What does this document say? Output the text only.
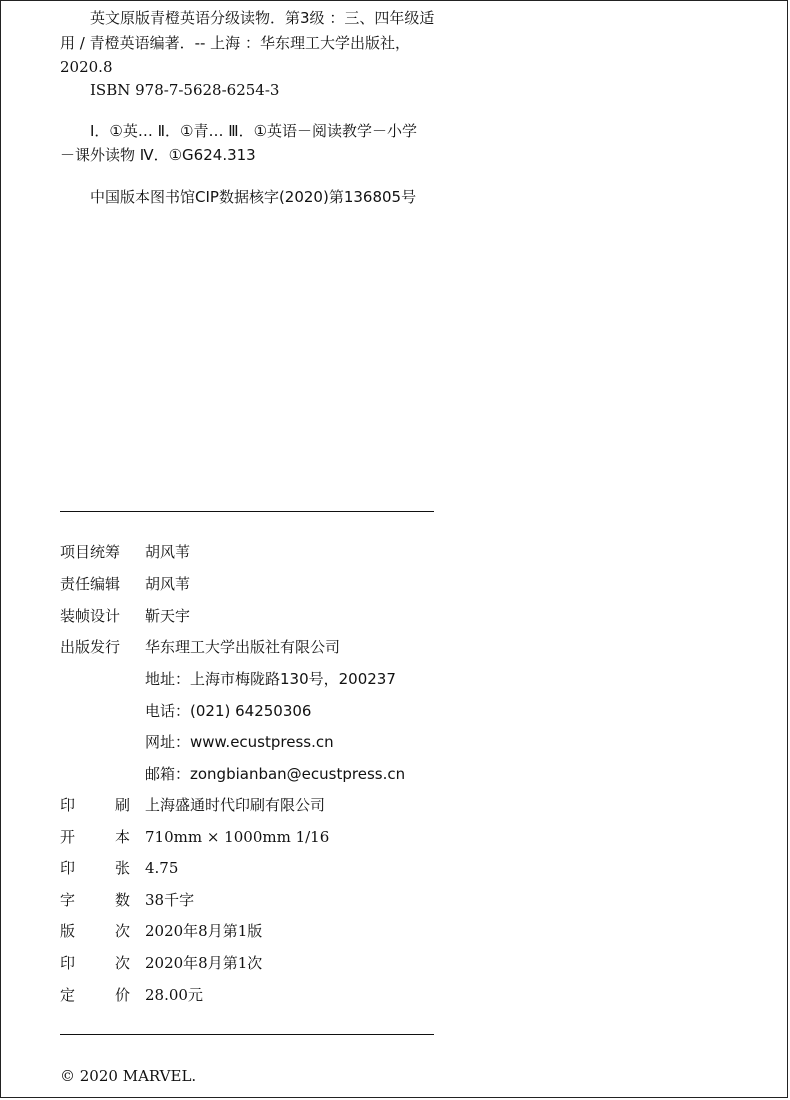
英文原版青橙英语分级读物．第3级 ：三、四年级适
用 / 青橙英语编著．-- 上海 ：华东理工大学出版社，
2020.8
ISBN 978-7-5628-6254-3
Ⅰ．①英… Ⅱ．①青… Ⅲ．①英语－阅读教学－小学
－课外读物 Ⅳ．①G624.313
中国版本图书馆CIP数据核字(2020)第136805号
项目统筹	胡风苇
责任编辑	胡风苇
装帧设计	靳天宇
出版发行	华东理工大学出版社有限公司
地址：上海市梅陇路130号，200237
电话：(021) 64250306
网址：www.ecustpress.cn
邮箱：zongbianban@ecustpress.cn
印	刷 上海盛通时代印刷有限公司
开	本 710mm × 1000mm 1/16
印	张 4.75
字	数 38千字
版	次 2020年8月第1版
印	次 2020年8月第1次
定	价 28.00元
© 2020 MARVEL.
